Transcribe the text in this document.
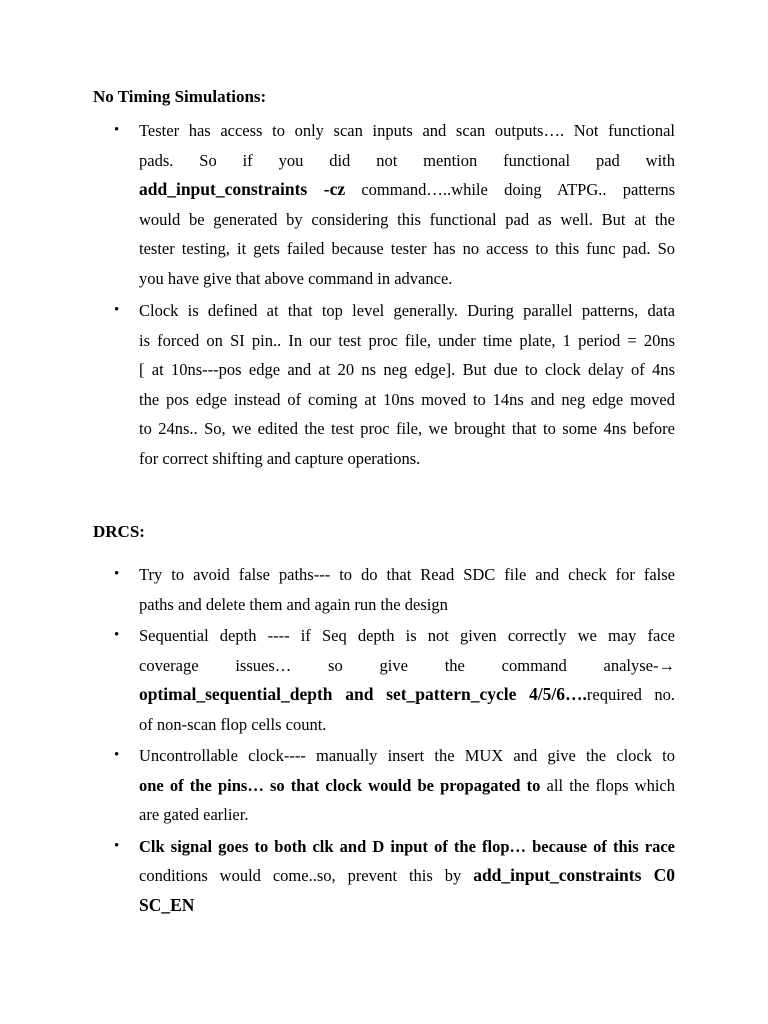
No Timing Simulations:
• Tester has access to only scan inputs and scan outputs…. Not functional
pads. So if you did not mention functional pad with
add_input_constraints -cz command…..while doing ATPG.. patterns
would be generated by considering this functional pad as well. But at the
tester testing, it gets failed because tester has no access to this func pad. So
you have give that above command in advance.
• Clock is defined at that top level generally. During parallel patterns, data
is forced on SI pin.. In our test proc file, under time plate, 1 period = 20ns
[ at 10ns---pos edge and at 20 ns neg edge]. But due to clock delay of 4ns
the pos edge instead of coming at 10ns moved to 14ns and neg edge moved
to 24ns.. So, we edited the test proc file, we brought that to some 4ns before
for correct shifting and capture operations.
DRCS:
• Try to avoid false paths--- to do that Read SDC file and check for false
paths and delete them and again run the design
• Sequential depth ---- if Seq depth is not given correctly we may face
coverage issues… so give the command analyse-→
optimal_sequential_depth and set_pattern_cycle 4/5/6….required no.
of non-scan flop cells count.
• Uncontrollable clock---- manually insert the MUX and give the clock to
one of the pins… so that clock would be propagated to all the flops which
are gated earlier.
• Clk signal goes to both clk and D input of the flop… because of this race
conditions would come..so, prevent this by add_input_constraints C0
SC_EN
